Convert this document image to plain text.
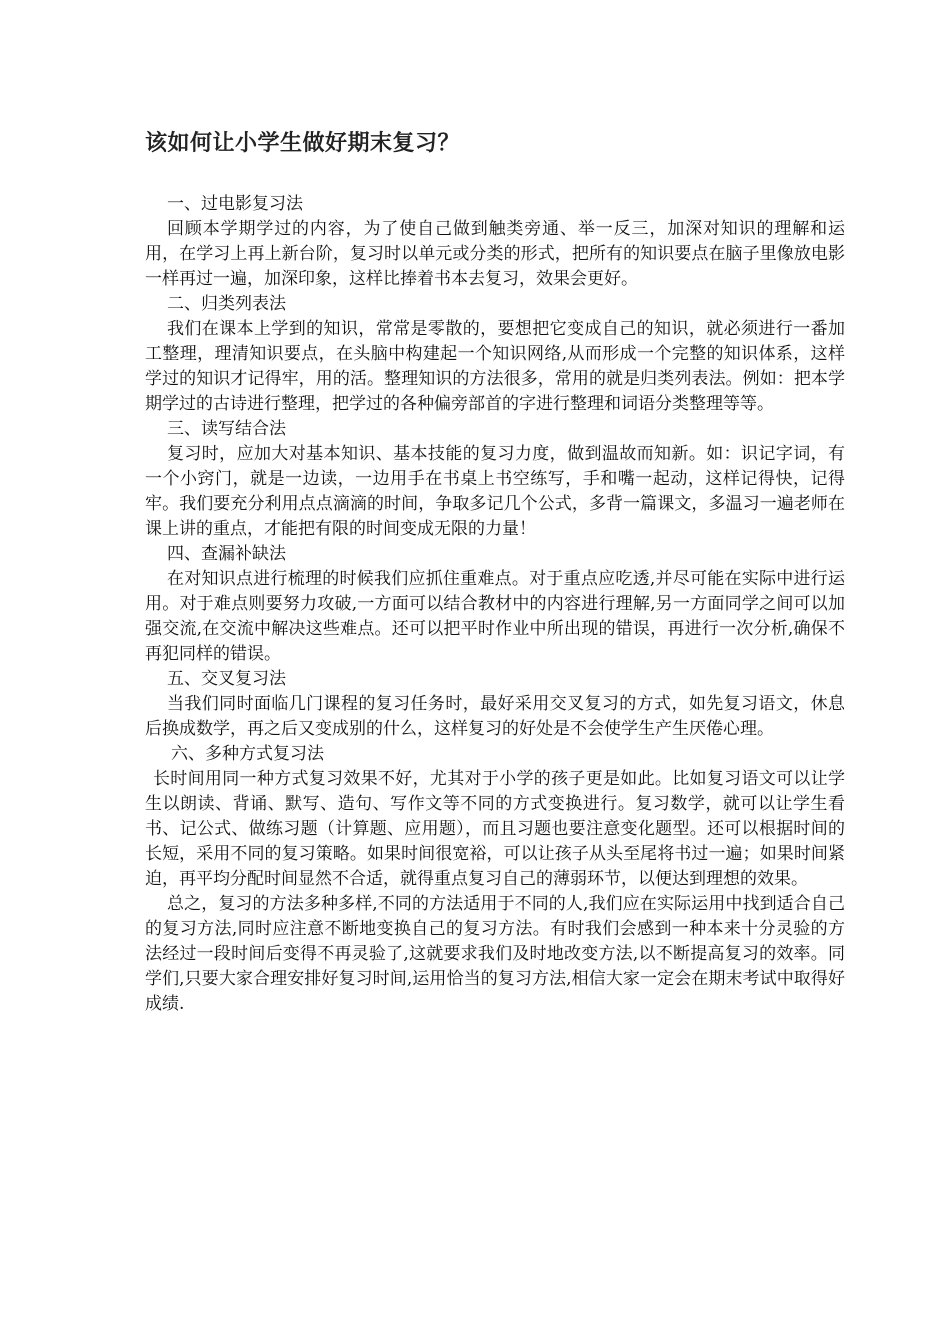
该如何让小学生做好期末复习？

一、过电影复习法

回顾本学期学过的内容，为了使自己做到触类旁通、举一反三，加深对知识的理解和运用，在学习上再上新台阶，复习时以单元或分类的形式，把所有的知识要点在脑子里像放电影一样再过一遍，加深印象，这样比捧着书本去复习，效果会更好。

二、归类列表法

我们在课本上学到的知识，常常是零散的，要想把它变成自己的知识，就必须进行一番加工整理，理清知识要点，在头脑中构建起一个知识网络,从而形成一个完整的知识体系，这样学过的知识才记得牢，用的活。整理知识的方法很多，常用的就是归类列表法。例如：把本学期学过的古诗进行整理，把学过的各种偏旁部首的字进行整理和词语分类整理等等。

三、读写结合法

复习时，应加大对基本知识、基本技能的复习力度，做到温故而知新。如：识记字词，有一个小窍门，就是一边读，一边用手在书桌上书空练写，手和嘴一起动，这样记得快，记得牢。我们要充分利用点点滴滴的时间，争取多记几个公式，多背一篇课文，多温习一遍老师在课上讲的重点，才能把有限的时间变成无限的力量！

四、查漏补缺法

在对知识点进行梳理的时候我们应抓住重难点。对于重点应吃透,并尽可能在实际中进行运用。对于难点则要努力攻破,一方面可以结合教材中的内容进行理解,另一方面同学之间可以加强交流,在交流中解决这些难点。还可以把平时作业中所出现的错误，再进行一次分析,确保不再犯同样的错误。

五、交叉复习法

当我们同时面临几门课程的复习任务时，最好采用交叉复习的方式，如先复习语文，休息后换成数学，再之后又变成别的什么，这样复习的好处是不会使学生产生厌倦心理。

六、多种方式复习法

长时间用同一种方式复习效果不好，尤其对于小学的孩子更是如此。比如复习语文可以让学生以朗读、背诵、默写、造句、写作文等不同的方式变换进行。复习数学，就可以让学生看书、记公式、做练习题（计算题、应用题），而且习题也要注意变化题型。还可以根据时间的长短，采用不同的复习策略。如果时间很宽裕，可以让孩子从头至尾将书过一遍；如果时间紧迫，再平均分配时间显然不合适，就得重点复习自己的薄弱环节，以便达到理想的效果。

总之，复习的方法多种多样,不同的方法适用于不同的人,我们应在实际运用中找到适合自己的复习方法,同时应注意不断地变换自己的复习方法。有时我们会感到一种本来十分灵验的方法经过一段时间后变得不再灵验了,这就要求我们及时地改变方法,以不断提高复习的效率。同学们,只要大家合理安排好复习时间,运用恰当的复习方法,相信大家一定会在期末考试中取得好成绩.
